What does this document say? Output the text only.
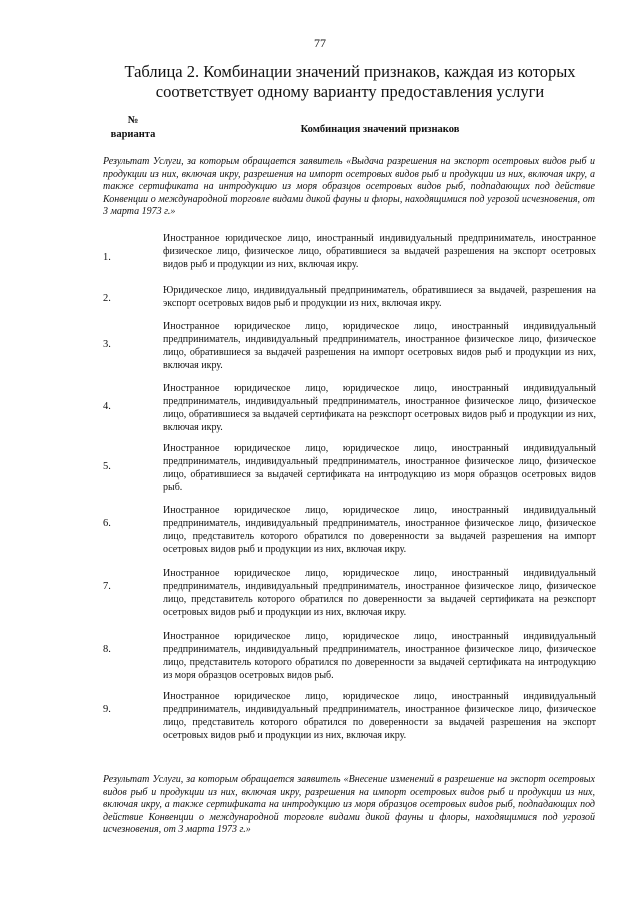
77
Таблица 2. Комбинации значений признаков, каждая из которых
соответствует одному варианту предоставления услуги
№
варианта	Комбинация значений признаков
Результат Услуги, за которым обращается заявитель «Выдача разрешения на экспорт осетровых видов рыб и продукции из них, включая икру, разрешения на импорт осетровых видов рыб и продукции из них, включая икру, а также сертификата на интродукцию из моря образцов осетровых видов рыб, подпадающих под действие Конвенции о международной торговле видами дикой фауны и флоры, находящимися под угрозой исчезновения, от 3 марта 1973 г.»
1.
Иностранное юридическое лицо, иностранный индивидуальный предприниматель, иностранное физическое лицо, физическое лицо, обратившиеся за выдачей разрешения на экспорт осетровых видов рыб и продукции из них, включая икру.
2.
Юридическое лицо, индивидуальный предприниматель, обратившиеся за выдачей, разрешения на экспорт осетровых видов рыб и продукции из них, включая икру.
3.
Иностранное юридическое лицо, юридическое лицо, иностранный индивидуальный предприниматель, индивидуальный предприниматель, иностранное физическое лицо, физическое лицо, обратившиеся за выдачей разрешения на импорт осетровых видов рыб и продукции из них, включая икру.
4.
Иностранное юридическое лицо, юридическое лицо, иностранный индивидуальный предприниматель, индивидуальный предприниматель, иностранное физическое лицо, физическое лицо, обратившиеся за выдачей сертификата на реэкспорт осетровых видов рыб и продукции из них, включая икру.
5.
Иностранное юридическое лицо, юридическое лицо, иностранный индивидуальный предприниматель, индивидуальный предприниматель, иностранное физическое лицо, физическое лицо, обратившиеся за выдачей сертификата на интродукцию из моря образцов осетровых видов рыб.
6.
Иностранное юридическое лицо, юридическое лицо, иностранный индивидуальный предприниматель, индивидуальный предприниматель, иностранное физическое лицо, физическое лицо, представитель которого обратился по доверенности за выдачей разрешения на импорт осетровых видов рыб и продукции из них, включая икру.
7.
Иностранное юридическое лицо, юридическое лицо, иностранный индивидуальный предприниматель, индивидуальный предприниматель, иностранное физическое лицо, физическое лицо, представитель которого обратился по доверенности за выдачей сертификата на реэкспорт осетровых видов рыб и продукции из них, включая икру.
8.
Иностранное юридическое лицо, юридическое лицо, иностранный индивидуальный предприниматель, индивидуальный предприниматель, иностранное физическое лицо, физическое лицо, представитель которого обратился по доверенности за выдачей сертификата на интродукцию из моря образцов осетровых видов рыб.
9.
Иностранное юридическое лицо, юридическое лицо, иностранный индивидуальный предприниматель, индивидуальный предприниматель, иностранное физическое лицо, физическое лицо, представитель которого обратился по доверенности за выдачей разрешения на экспорт осетровых видов рыб и продукции из них, включая икру.
Результат Услуги, за которым обращается заявитель «Внесение изменений в разрешение на экспорт осетровых видов рыб и продукции из них, включая икру, разрешения на импорт осетровых видов рыб и продукции из них, включая икру, а также сертификата на интродукцию из моря образцов осетровых видов рыб, подпадающих под действие Конвенции о международной торговле видами дикой фауны и флоры, находящимися под угрозой исчезновения, от 3 марта 1973 г.»
